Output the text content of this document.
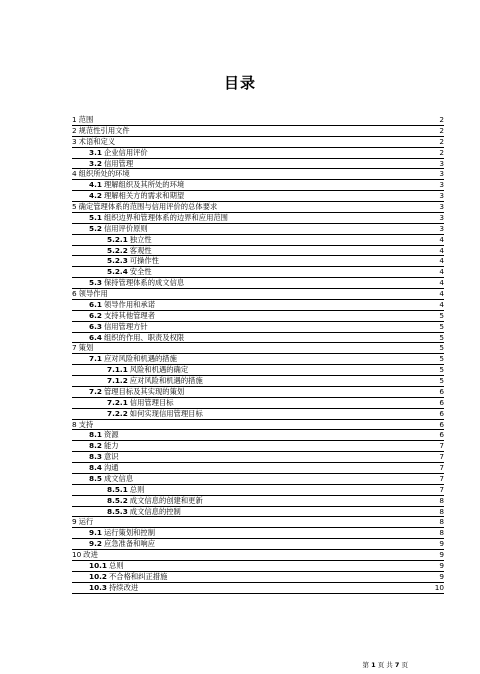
目录
1 范围	2
2 规范性引用文件	2
3 术语和定义	2
3.1 企业信用评价	2
3.2 信用管理	3
4 组织所处的环境	3
4.1 理解组织及其所处的环境	3
4.2 理解相关方的需求和期望	3
5 确定管理体系的范围与信用评价的总体要求	3
5.1 组织边界和管理体系的边界和应用范围	3
5.2 信用评价原则	3
5.2.1 独立性	4
5.2.2 客观性	4
5.2.3 可操作性	4
5.2.4 安全性	4
5.3 保持管理体系的成文信息	4
6 领导作用	4
6.1 领导作用和承诺	4
6.2 支持其他管理者	5
6.3 信用管理方针	5
6.4 组织的作用、职责及权限	5
7 策划	5
7.1 应对风险和机遇的措施	5
7.1.1 风险和机遇的确定	5
7.1.2 应对风险和机遇的措施	5
7.2 管理目标及其实现的策划	6
7.2.1 信用管理目标	6
7.2.2 如何实现信用管理目标	6
8 支持	6
8.1 资源	6
8.2 能力	7
8.3 意识	7
8.4 沟通	7
8.5 成文信息	7
8.5.1 总则	7
8.5.2 成文信息的创建和更新	8
8.5.3 成文信息的控制	8
9 运行	8
9.1 运行策划和控制	8
9.2 应急准备和响应	9
10 改进	9
10.1 总则	9
10.2 不合格和纠正措施	9
10.3 持续改进	10
第 1 页 共 7 页
